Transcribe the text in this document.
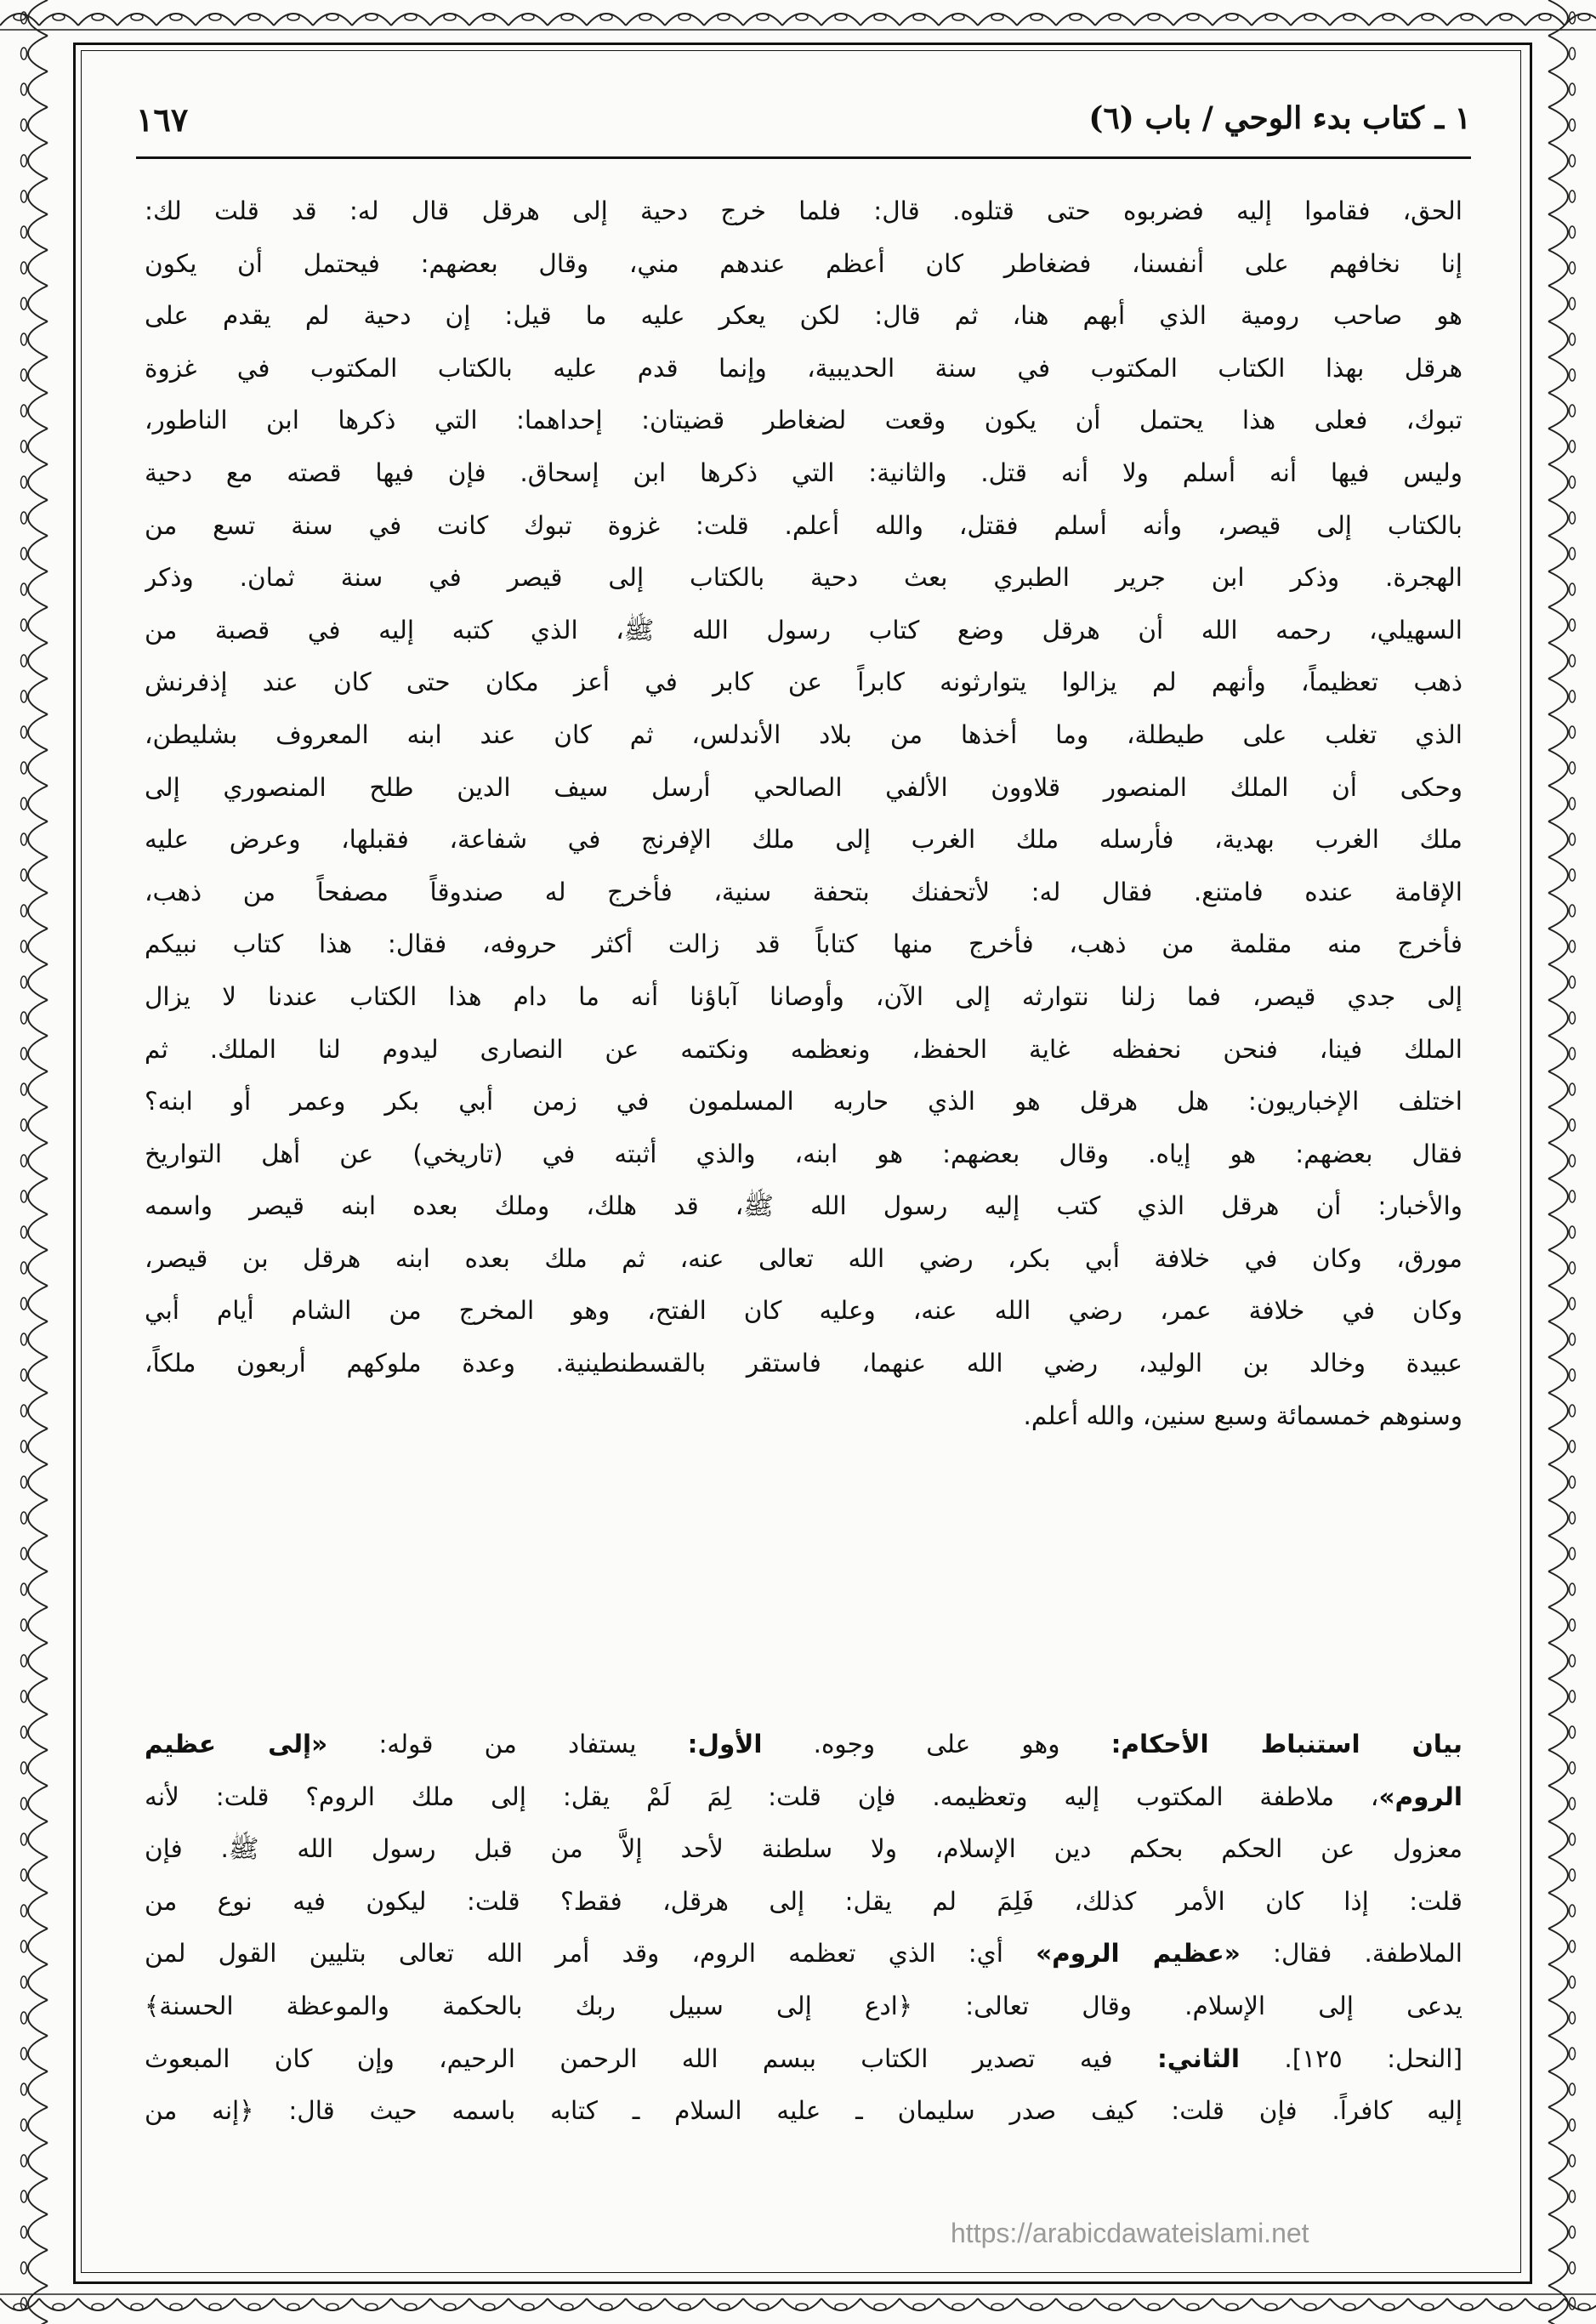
١ ـ كتاب بدء الوحي / باب (٦)
١٦٧
الحق، فقاموا إليه فضربوه حتى قتلوه. قال: فلما خرج دحية إلى هرقل قال له: قد قلت لك:
إنا نخافهم على أنفسنا، فضغاطر كان أعظم عندهم مني، وقال بعضهم: فيحتمل أن يكون
هو صاحب رومية الذي أبهم هنا، ثم قال: لكن يعكر عليه ما قيل: إن دحية لم يقدم على
هرقل بهذا الكتاب المكتوب في سنة الحديبية، وإنما قدم عليه بالكتاب المكتوب في غزوة
تبوك، فعلى هذا يحتمل أن يكون وقعت لضغاطر قضيتان: إحداهما: التي ذكرها ابن الناطور،
وليس فيها أنه أسلم ولا أنه قتل. والثانية: التي ذكرها ابن إسحاق. فإن فيها قصته مع دحية
بالكتاب إلى قيصر، وأنه أسلم فقتل، والله أعلم. قلت: غزوة تبوك كانت في سنة تسع من
الهجرة. وذكر ابن جرير الطبري بعث دحية بالكتاب إلى قيصر في سنة ثمان. وذكر
السهيلي، رحمه الله أن هرقل وضع كتاب رسول الله ﷺ، الذي كتبه إليه في قصبة من
ذهب تعظيماً، وأنهم لم يزالوا يتوارثونه كابراً عن كابر في أعز مكان حتى كان عند إذفرنش
الذي تغلب على طيطلة، وما أخذها من بلاد الأندلس، ثم كان عند ابنه المعروف بشليطن،
وحكى أن الملك المنصور قلاوون الألفي الصالحي أرسل سيف الدين طلح المنصوري إلى
ملك الغرب بهدية، فأرسله ملك الغرب إلى ملك الإفرنج في شفاعة، فقبلها، وعرض عليه
الإقامة عنده فامتنع. فقال له: لأتحفنك بتحفة سنية، فأخرج له صندوقاً مصفحاً من ذهب،
فأخرج منه مقلمة من ذهب، فأخرج منها كتاباً قد زالت أكثر حروفه، فقال: هذا كتاب نبيكم
إلى جدي قيصر، فما زلنا نتوارثه إلى الآن، وأوصانا آباؤنا أنه ما دام هذا الكتاب عندنا لا يزال
الملك فينا، فنحن نحفظه غاية الحفظ، ونعظمه ونكتمه عن النصارى ليدوم لنا الملك. ثم
اختلف الإخباريون: هل هرقل هو الذي حاربه المسلمون في زمن أبي بكر وعمر أو ابنه؟
فقال بعضهم: هو إياه. وقال بعضهم: هو ابنه، والذي أثبته في (تاريخي) عن أهل التواريخ
والأخبار: أن هرقل الذي كتب إليه رسول الله ﷺ، قد هلك، وملك بعده ابنه قيصر واسمه
مورق، وكان في خلافة أبي بكر، رضي الله تعالى عنه، ثم ملك بعده ابنه هرقل بن قيصر،
وكان في خلافة عمر، رضي الله عنه، وعليه كان الفتح، وهو المخرج من الشام أيام أبي
عبيدة وخالد بن الوليد، رضي الله عنهما، فاستقر بالقسطنطينية. وعدة ملوكهم أربعون ملكاً،
وسنوهم خمسمائة وسبع سنين، والله أعلم.
بيان استنباط الأحكام: وهو على وجوه. الأول: يستفاد من قوله: «إلى عظيم
الروم»، ملاطفة المكتوب إليه وتعظيمه. فإن قلت: لِمَ لَمْ يقل: إلى ملك الروم؟ قلت: لأنه
معزول عن الحكم بحكم دين الإسلام، ولا سلطنة لأحد إلاَّ من قبل رسول الله ﷺ. فإن
قلت: إذا كان الأمر كذلك، فَلِمَ لم يقل: إلى هرقل، فقط؟ قلت: ليكون فيه نوع من
الملاطفة. فقال: «عظيم الروم» أي: الذي تعظمه الروم، وقد أمر الله تعالى بتليين القول لمن
يدعى إلى الإسلام. وقال تعالى: ﴿ادع إلى سبيل ربك بالحكمة والموعظة الحسنة﴾
[النحل: ١٢٥]. الثاني: فيه تصدير الكتاب ببسم الله الرحمن الرحيم، وإن كان المبعوث
إليه كافراً. فإن قلت: كيف صدر سليمان ـ عليه السلام ـ كتابه باسمه حيث قال: ﴿إنه من
https://arabicdawateislami.net
